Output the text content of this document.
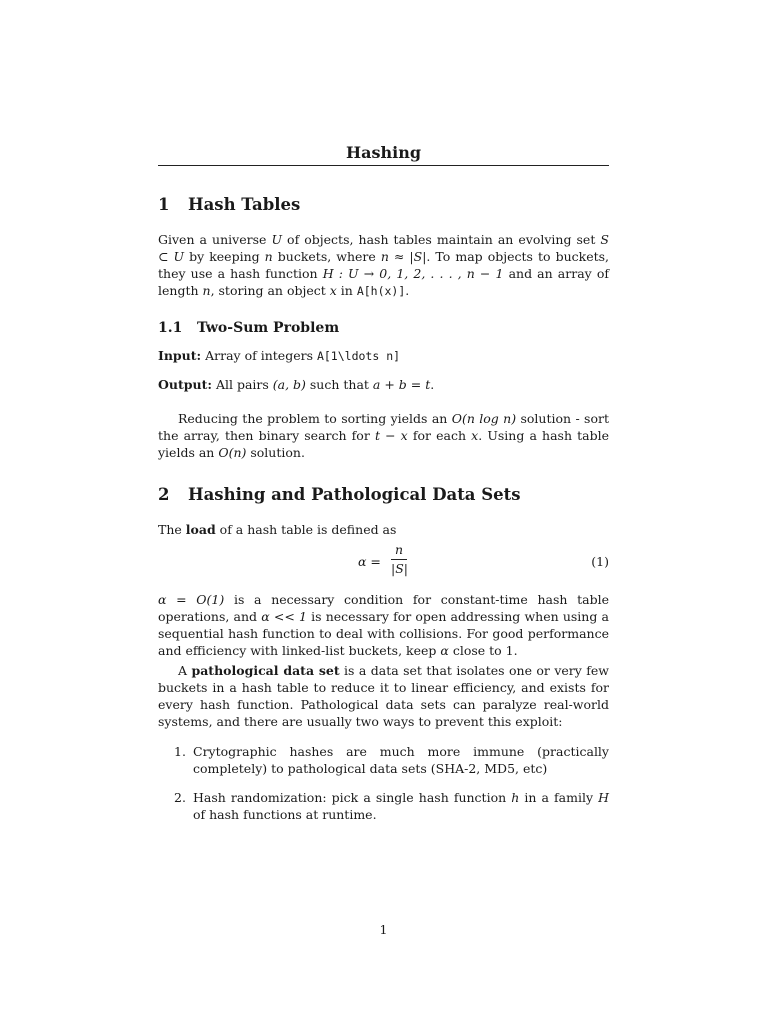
Hashing
1 Hash Tables

Given a universe U of objects, hash tables maintain an evolving set S ⊂ U by keeping n buckets, where n ≈ |S|. To map objects to buckets, they use a hash function H : U → 0, 1, 2, . . . , n − 1 and an array of length n, storing an object x in A[h(x)].

1.1 Two-Sum Problem

Input: Array of integers A[1\ldots n]

Output: All pairs (a, b) such that a + b = t.

Reducing the problem to sorting yields an O(n log n) solution - sort the array, then binary search for t − x for each x. Using a hash table yields an O(n) solution.

2 Hashing and Pathological Data Sets

The load of a hash table is defined as

α =
n
|S|	(1)

α = O(1) is a necessary condition for constant-time hash table operations, and α << 1 is necessary for open addressing when using a sequential hash function to deal with collisions. For good performance and efficiency with linked-list buckets, keep α close to 1.

A pathological data set is a data set that isolates one or very few buckets in a hash table to reduce it to linear efficiency, and exists for every hash function. Pathological data sets can paralyze real-world systems, and there are usually two ways to prevent this exploit:

1. Crytographic hashes are much more immune (practically completely) to pathological data sets (SHA-2, MD5, etc)
2. Hash randomization: pick a single hash function h in a family H of hash functions at runtime.
1
